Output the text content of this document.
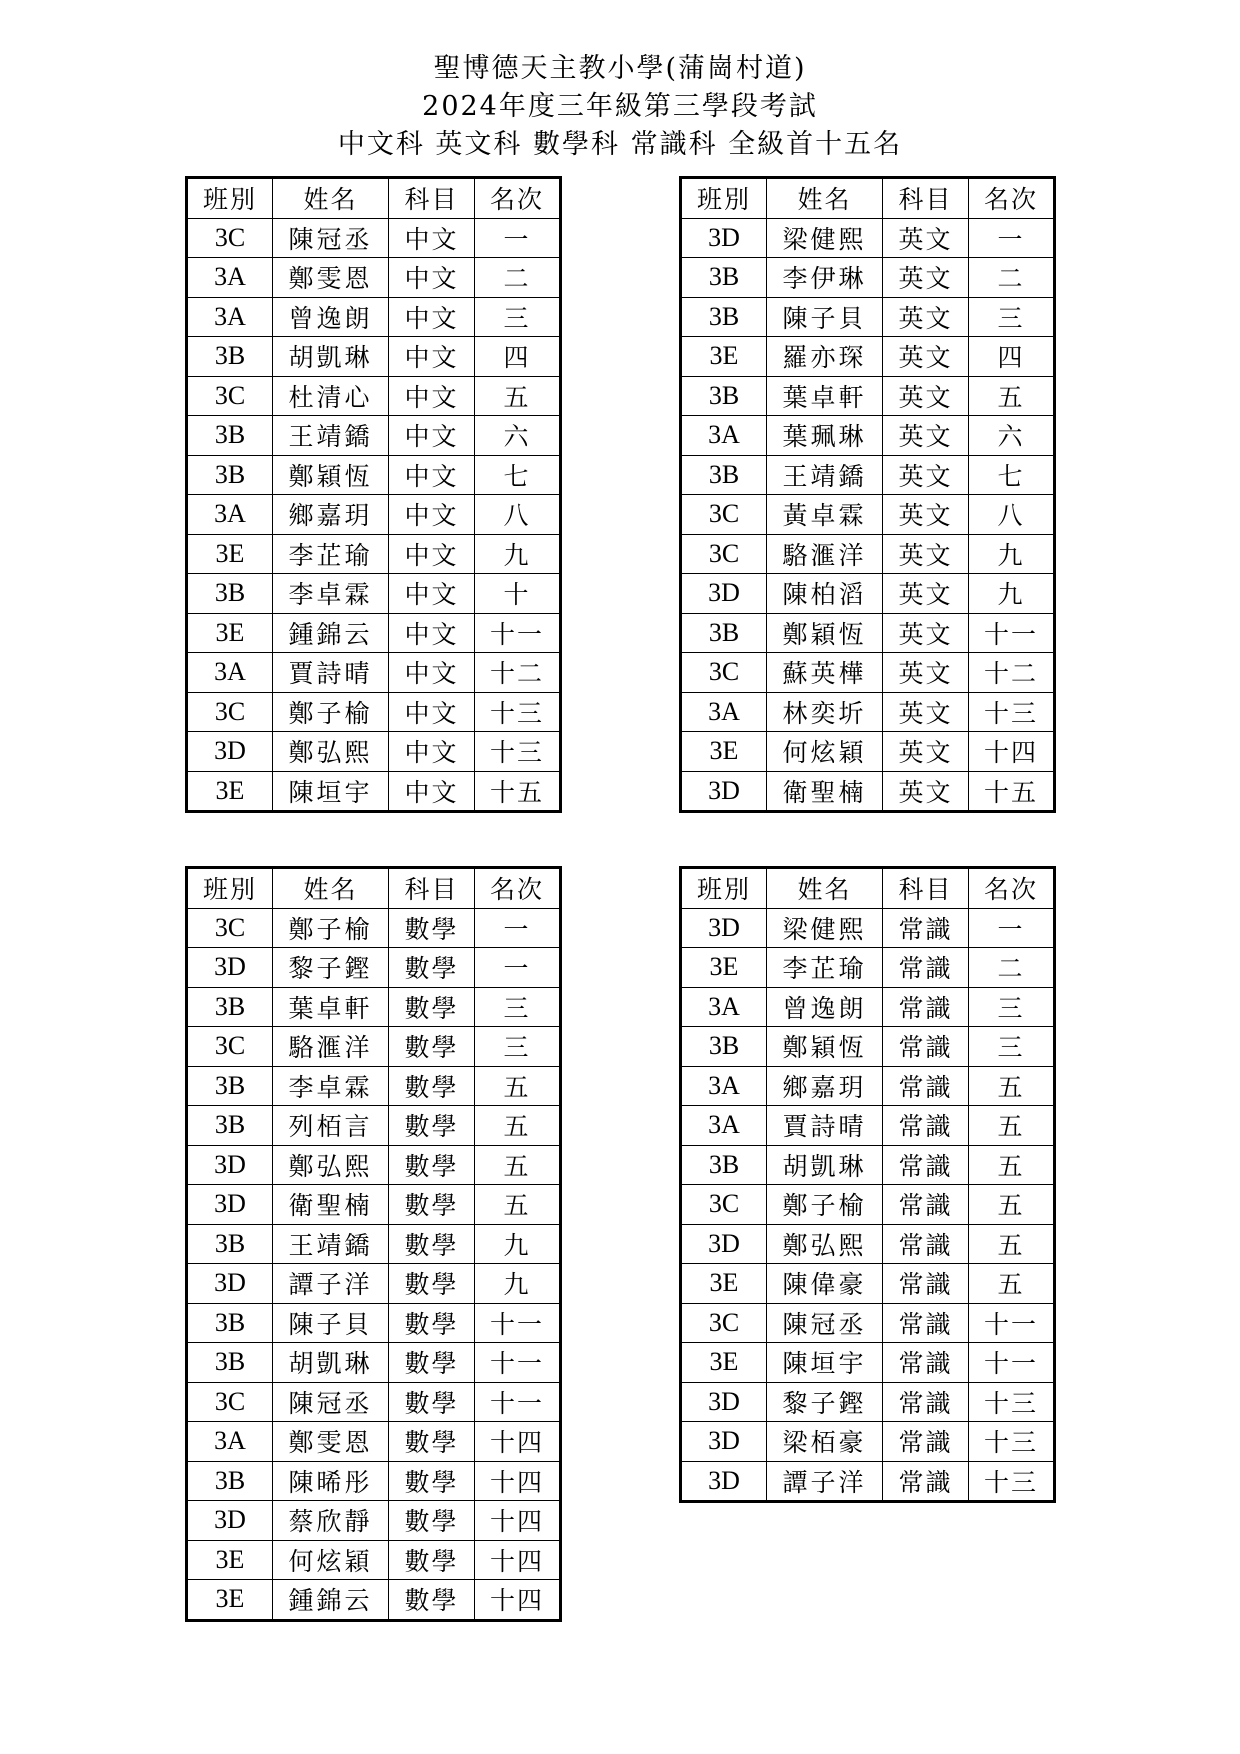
聖博德天主教小學(蒲崗村道)
2024年度三年級第三學段考試
中文科 英文科 數學科 常識科 全級首十五名
班別	姓名	科目	名次
3C	陳冠丞	中文	一
3A	鄭雯恩	中文	二
3A	曾逸朗	中文	三
3B	胡凱琳	中文	四
3C	杜清心	中文	五
3B	王靖鐈	中文	六
3B	鄭穎恆	中文	七
3A	鄉嘉玥	中文	八
3E	李芷瑜	中文	九
3B	李卓霖	中文	十
3E	鍾錦云	中文	十一
3A	賈詩晴	中文	十二
3C	鄭子榆	中文	十三
3D	鄭弘熙	中文	十三
3E	陳垣宇	中文	十五
班別	姓名	科目	名次
3D	梁健熙	英文	一
3B	李伊琳	英文	二
3B	陳子貝	英文	三
3E	羅亦琛	英文	四
3B	葉卓軒	英文	五
3A	葉珮琳	英文	六
3B	王靖鐈	英文	七
3C	黃卓霖	英文	八
3C	駱滙洋	英文	九
3D	陳柏滔	英文	九
3B	鄭穎恆	英文	十一
3C	蘇英樺	英文	十二
3A	林奕圻	英文	十三
3E	何炫穎	英文	十四
3D	衛聖楠	英文	十五
班別	姓名	科目	名次
3C	鄭子榆	數學	一
3D	黎子鏗	數學	一
3B	葉卓軒	數學	三
3C	駱滙洋	數學	三
3B	李卓霖	數學	五
3B	列栢言	數學	五
3D	鄭弘熙	數學	五
3D	衛聖楠	數學	五
3B	王靖鐈	數學	九
3D	譚子洋	數學	九
3B	陳子貝	數學	十一
3B	胡凱琳	數學	十一
3C	陳冠丞	數學	十一
3A	鄭雯恩	數學	十四
3B	陳晞彤	數學	十四
3D	蔡欣靜	數學	十四
3E	何炫穎	數學	十四
3E	鍾錦云	數學	十四
班別	姓名	科目	名次
3D	梁健熙	常識	一
3E	李芷瑜	常識	二
3A	曾逸朗	常識	三
3B	鄭穎恆	常識	三
3A	鄉嘉玥	常識	五
3A	賈詩晴	常識	五
3B	胡凱琳	常識	五
3C	鄭子榆	常識	五
3D	鄭弘熙	常識	五
3E	陳偉豪	常識	五
3C	陳冠丞	常識	十一
3E	陳垣宇	常識	十一
3D	黎子鏗	常識	十三
3D	梁栢豪	常識	十三
3D	譚子洋	常識	十三
